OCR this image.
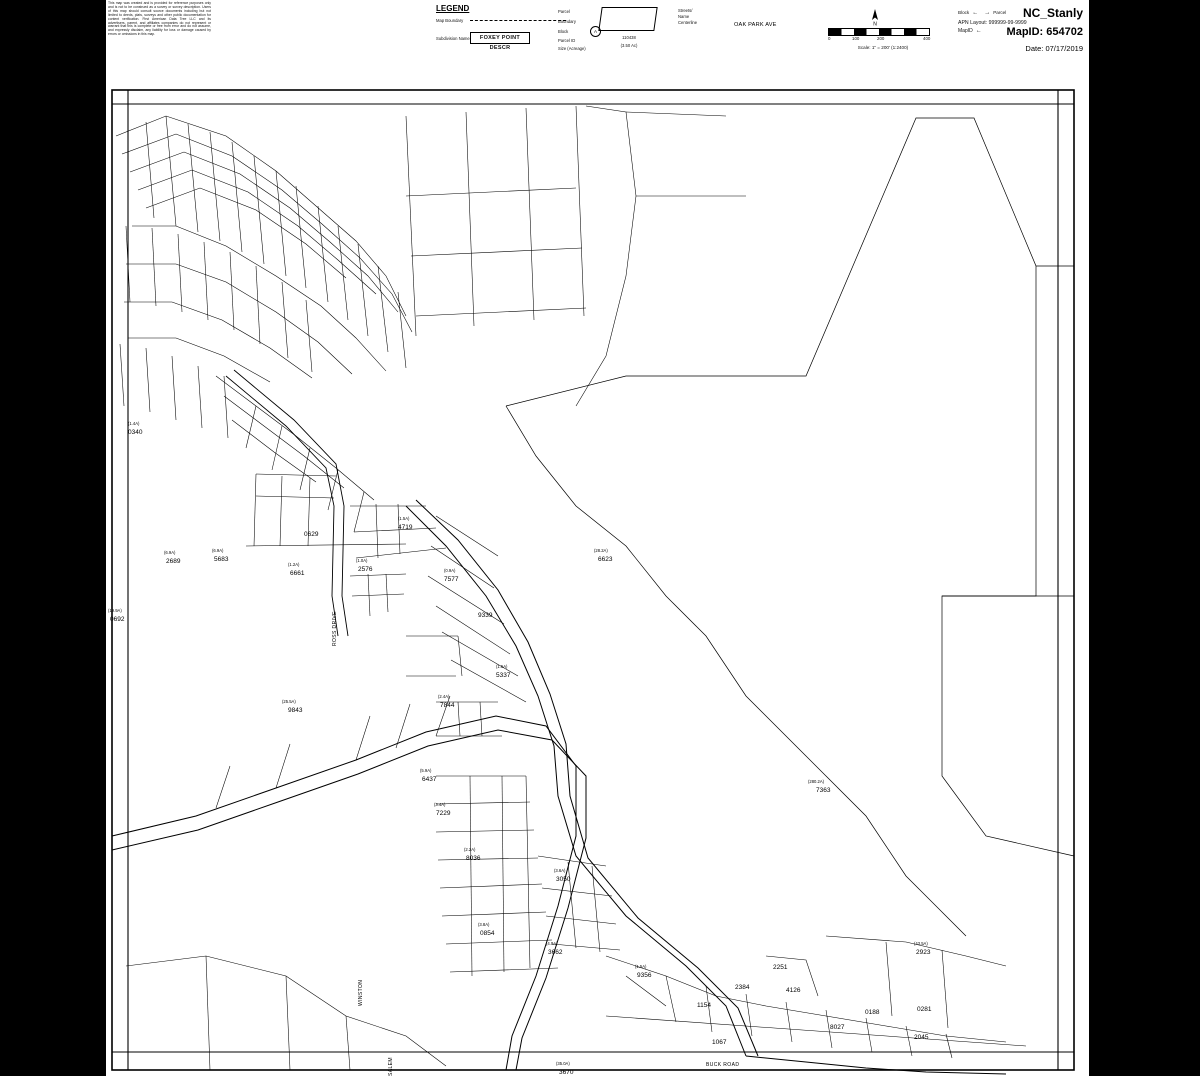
This map was created and is provided for reference purposes only and is not to be construed as a survey or survey description. Users of this map should consult source documents including but not limited to deeds, plats, surveys and other public documentation for content verification. First American Data Tree LLC and its advertisers, parent, and affiliates companies do not represent or warrant that this is complete or free from error and do not assume, and expressly disclaim, any liability for loss or damage caused by errors or omissions in this map.
LEGEND
Map Boundary
Subdivision Name	FOXEY POINT DESCR
Parcel
Boundary
Block	A
Parcel ID	110438
Size (Acreage)	(3.50 Ac)
Streets/
Name
Centerline	OAK PARK AVE	N
0	100	200	400
Scale: 1" = 200' (1:2400)
Block ← → Parcel
APN Layout: 999999-99-9999
MapID ←
NC_Stanly
MapID: 654702
Date: 07/17/2019
ROSS DRIVE
WINSTON
SALEM	BUCK ROAD
(1.4A)
0340
(19.9A)
0692
(6.9A)
2689
(6.9A)
5683
0629
(1.2A)
6661
(1.0A)
2576
(1.5A)
4719
(0.9A)
7577
9339
(28.2A)
6623
(1.5A)
5337
(2.4A)
7844
(25.5A)
9843
(5.9A)
6437
(3.4A)
7229
(2.2A)
8036
(3.6A)
3050
(3.8A)
0854
(4.0A)
3662
(280.2A)
7363
(1.5A)
9356
2384	4126
2251
1154
(43.5A)
2923
0188	0281
8027
2045
1067
(35.0A)
3670
